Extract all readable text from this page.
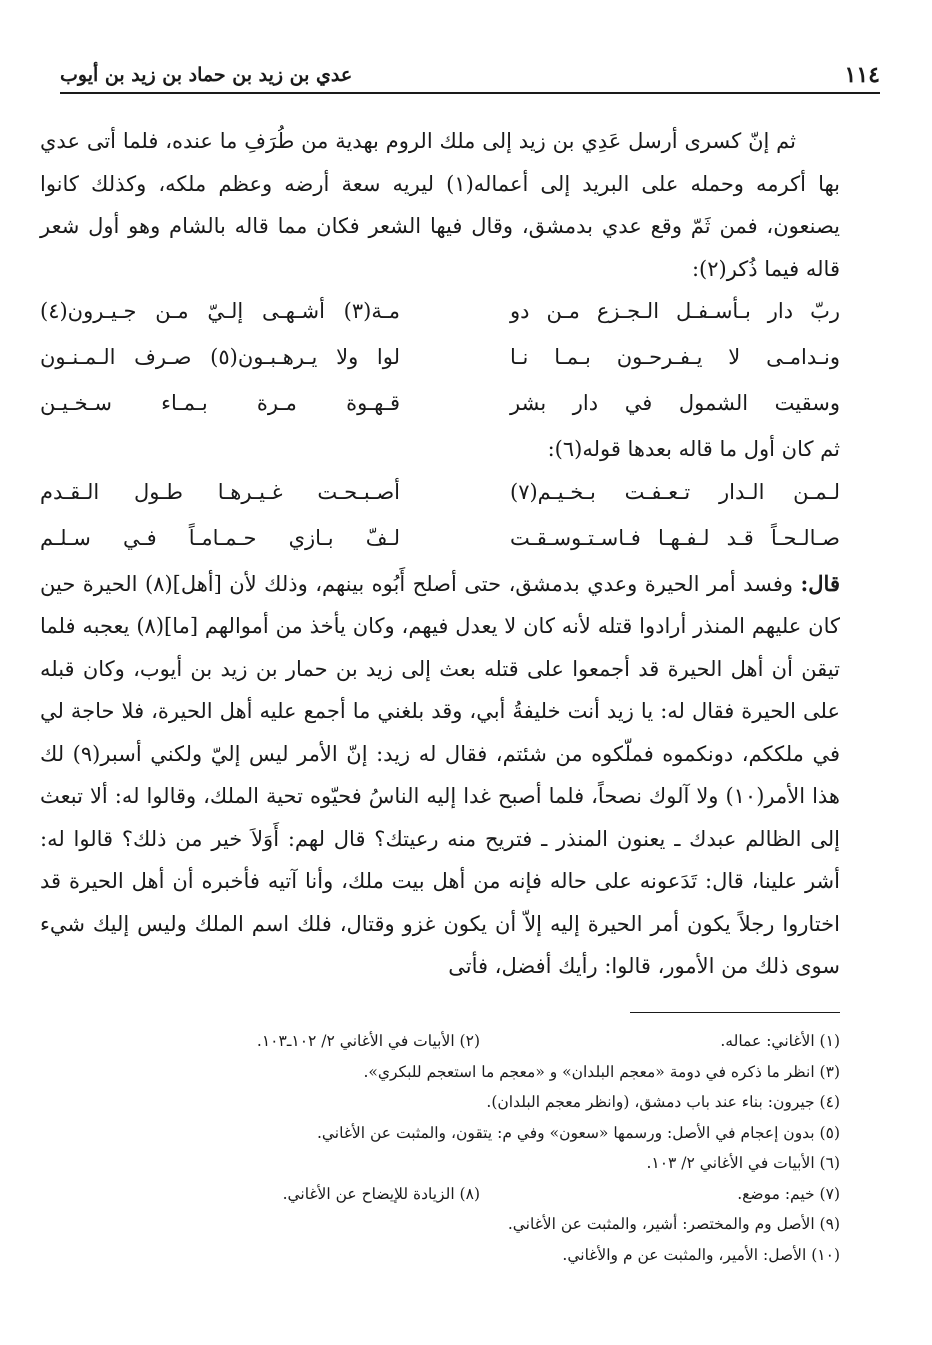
١١٤
عدي بن زيد بن حماد بن زيد بن أيوب

ثم إنّ كسرى أرسل عَدِي بن زيد إلى ملك الروم بهدية من طُرَفِ ما عنده، فلما أتى عدي بها أكرمه وحمله على البريد إلى أعماله(١) ليريه سعة أرضه وعظم ملكه، وكذلك كانوا يصنعون، فمن ثَمّ وقع عدي بدمشق، وقال فيها الشعر فكان مما قاله بالشام وهو أول شعر قاله فيما ذُكر(٢):

ربّ دار بـأسـفـل الـجـزع مـن دو
مـة(٣) أشـهـى إلـيّ مـن جـيـرون(٤)
ونـدامـى لا يـفـرحـون بـمـا نـا
لوا ولا يـرهـبـون(٥) صـرف الـمـنـون
وسقيت الشمول في دار بشر
قـهـوة مـرة بـمـاء سـخـيـن

ثم كان أول ما قاله بعدها قوله(٦):

لـمـن الـدار تـعـفـت بـخـيـم(٧)
أصـبـحـت غـيـرهـا طـول الـقـدم
صـالـحـاً قـد لـفـهـا فـاسـتـوسـقـت
لـفّ بـازي حـمـامـاً فـي سـلـم

قال: وفسد أمر الحيرة وعدي بدمشق، حتى أصلح أَبُوه بينهم، وذلك لأن [أهل](٨) الحيرة حين كان عليهم المنذر أرادوا قتله لأنه كان لا يعدل فيهم، وكان يأخذ من أموالهم [ما](٨) يعجبه فلما تيقن أن أهل الحيرة قد أجمعوا على قتله بعث إلى زيد بن حمار بن زيد بن أيوب، وكان قبله على الحيرة فقال له: يا زيد أنت خليفةُ أبي، وقد بلغني ما أجمع عليه أهل الحيرة، فلا حاجة لي في ملككم، دونكموه فملّكوه من شئتم، فقال له زيد: إنّ الأمر ليس إليّ ولكني أسبر(٩) لك هذا الأمر(١٠) ولا آلوك نصحاً، فلما أصبح غدا إليه الناسُ فحيّوه تحية الملك، وقالوا له: ألا تبعث إلى الظالم عبدك ـ يعنون المنذر ـ فتريح منه رعيتك؟ قال لهم: أَوَلاَ خير من ذلك؟ قالوا له: أشر علينا، قال: تَدَعونه على حاله فإنه من أهل بيت ملك، وأنا آتيه فأخبره أن أهل الحيرة قد اختاروا رجلاً يكون أمر الحيرة إليه إلاّ أن يكون غزو وقتال، فلك اسم الملك وليس إليك شيء سوى ذلك من الأمور، قالوا: رأيك أفضل، فأتى

(١) الأغاني: عماله.
(٢) الأبيات في الأغاني ٢/ ١٠٢ـ١٠٣.
(٣) انظر ما ذكره في دومة «معجم البلدان» و «معجم ما استعجم للبكري».
(٤) جيرون: بناء عند باب دمشق، (وانظر معجم البلدان).
(٥) بدون إعجام في الأصل: ورسمها «سعون» وفي م: يتقون، والمثبت عن الأغاني.
(٦) الأبيات في الأغاني ٢/ ١٠٣.
(٧) خيم: موضع.
(٨) الزيادة للإيضاح عن الأغاني.
(٩) الأصل وم والمختصر: أشير، والمثبت عن الأغاني.
(١٠) الأصل: الأمير، والمثبت عن م والأغاني.
